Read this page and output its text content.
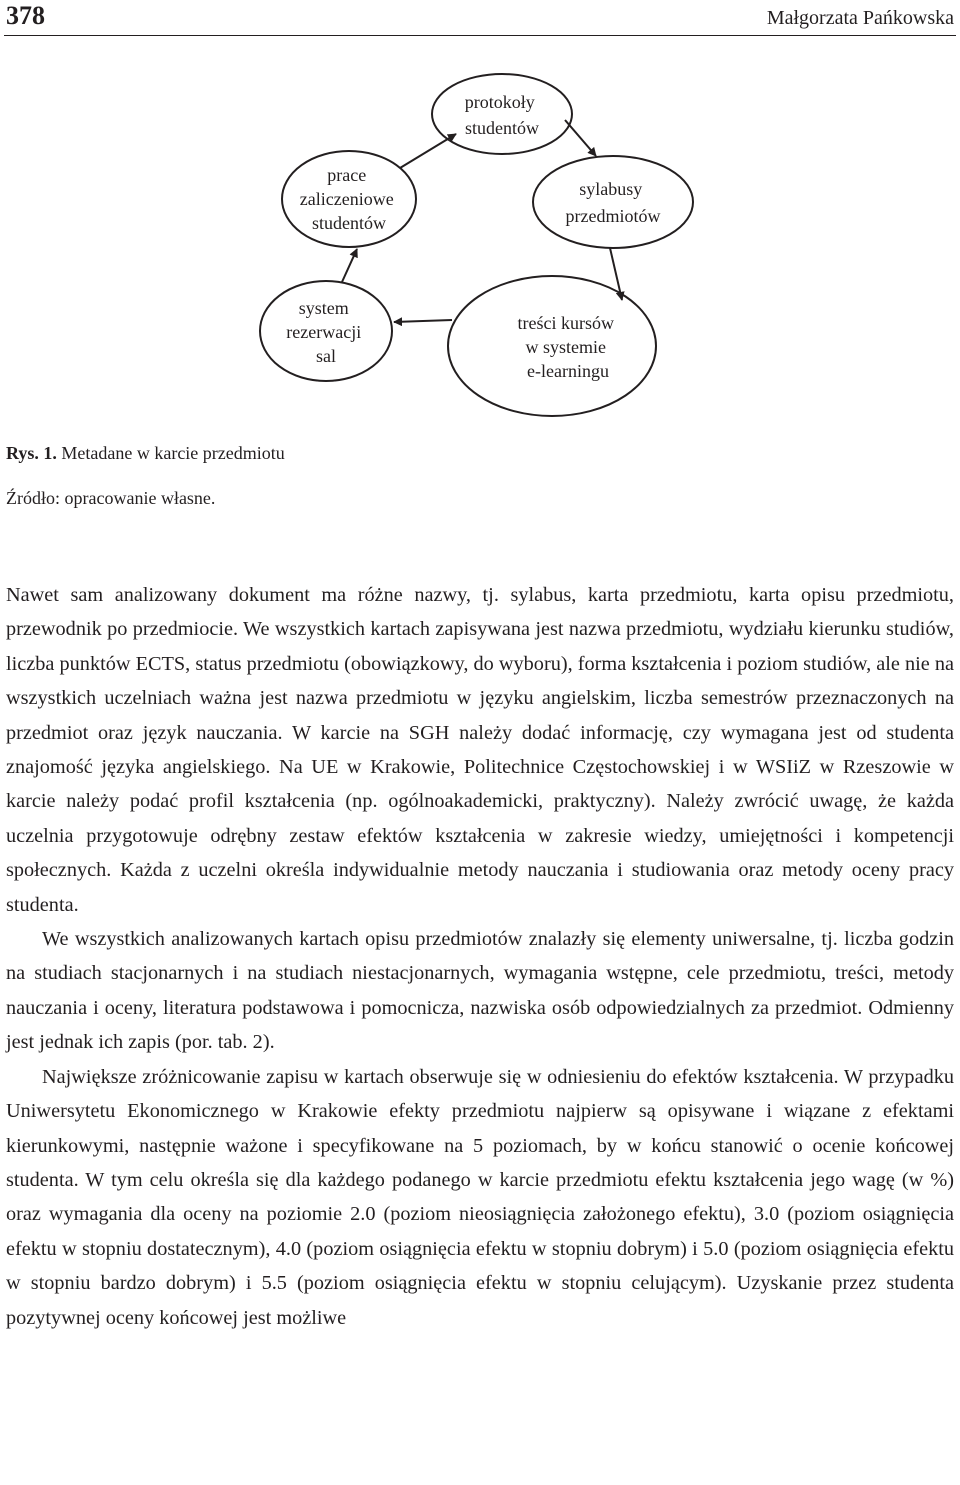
378	Małgorzata Pańkowska
protokoły studentów
prace zaliczeniowe studentów
sylabusy przedmiotów
system rezerwacji sal
treści kursów w systemie e-learningu
Rys. 1. Metadane w karcie przedmiotu
Źródło: opracowanie własne.

Nawet sam analizowany dokument ma różne nazwy, tj. sylabus, karta przedmiotu, karta opisu przedmiotu, przewodnik po przedmiocie. We wszystkich kartach zapisywana jest nazwa przedmiotu, wydziału kierunku studiów, liczba punktów ECTS, status przedmiotu (obowiązkowy, do wyboru), forma kształcenia i poziom studiów, ale nie na wszystkich uczelniach ważna jest nazwa przedmiotu w języku angielskim, liczba semestrów przeznaczonych na przedmiot oraz język nauczania. W karcie na SGH należy dodać informację, czy wymagana jest od studenta znajomość języka angielskiego. Na UE w Krakowie, Politechnice Częstochowskiej i w WSIiZ w Rzeszowie w karcie należy podać profil kształcenia (np. ogólnoakademicki, praktyczny). Należy zwrócić uwagę, że każda uczelnia przygotowuje odrębny zestaw efektów kształcenia w zakresie wiedzy, umiejętności i kompetencji społecznych. Każda z uczelni określa indywidualnie metody nauczania i studiowania oraz metody oceny pracy studenta.

We wszystkich analizowanych kartach opisu przedmiotów znalazły się elementy uniwersalne, tj. liczba godzin na studiach stacjonarnych i na studiach niestacjonarnych, wymagania wstępne, cele przedmiotu, treści, metody nauczania i oceny, literatura podstawowa i pomocnicza, nazwiska osób odpowiedzialnych za przedmiot. Odmienny jest jednak ich zapis (por. tab. 2).

Największe zróżnicowanie zapisu w kartach obserwuje się w odniesieniu do efektów kształcenia. W przypadku Uniwersytetu Ekonomicznego w Krakowie efekty przedmiotu najpierw są opisywane i wiązane z efektami kierunkowymi, następnie ważone i specyfikowane na 5 poziomach, by w końcu stanowić o ocenie końcowej studenta. W tym celu określa się dla każdego podanego w karcie przedmiotu efektu kształcenia jego wagę (w %) oraz wymagania dla oceny na poziomie 2.0 (poziom nieosiągnięcia założonego efektu), 3.0 (poziom osiągnięcia efektu w stopniu dostatecznym), 4.0 (poziom osiągnięcia efektu w stopniu dobrym) i 5.0 (poziom osiągnięcia efektu w stopniu bardzo dobrym) i 5.5 (poziom osiągnięcia efektu w stopniu celującym). Uzyskanie przez studenta pozytywnej oceny końcowej jest możliwe
